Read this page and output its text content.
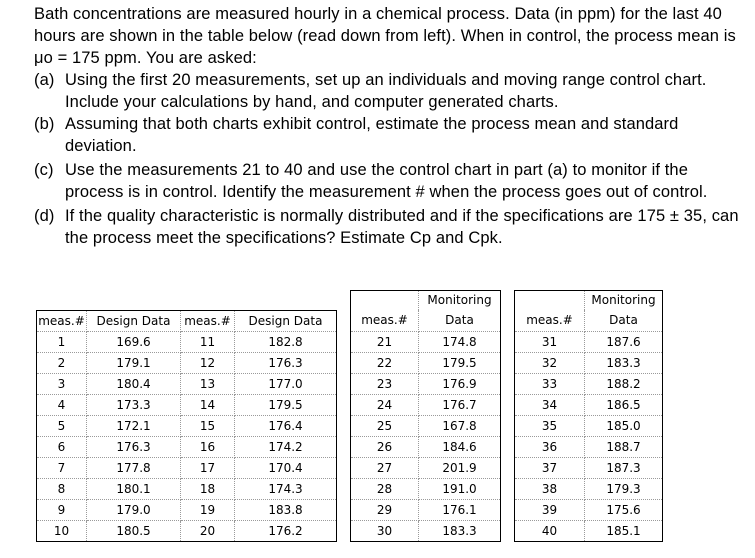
Bath concentrations are measured hourly in a chemical process. Data (in ppm) for the last 40 hours are shown in the table below (read down from left). When in control, the process mean is μo = 175 ppm. You are asked:

(a) Using the first 20 measurements, set up an individuals and moving range control chart. Include your calculations by hand, and computer generated charts.
(b) Assuming that both charts exhibit control, estimate the process mean and standard deviation.
(c) Use the measurements 21 to 40 and use the control chart in part (a) to monitor if the process is in control. Identify the measurement # when the process goes out of control.
(d) If the quality characteristic is normally distributed and if the specifications are 175 ± 35, can the process meet the specifications? Estimate Cp and Cpk.
						Monitoring			Monitoring
meas.#	Design Data	meas.#	Design Data		meas.#	Data		meas.#	Data
1	169.6	11	182.8		21	174.8		31	187.6
2	179.1	12	176.3		22	179.5		32	183.3
3	180.4	13	177.0		23	176.9		33	188.2
4	173.3	14	179.5		24	176.7		34	186.5
5	172.1	15	176.4		25	167.8		35	185.0
6	176.3	16	174.2		26	184.6		36	188.7
7	177.8	17	170.4		27	201.9		37	187.3
8	180.1	18	174.3		28	191.0		38	179.3
9	179.0	19	183.8		29	176.1		39	175.6
10	180.5	20	176.2		30	183.3		40	185.1
